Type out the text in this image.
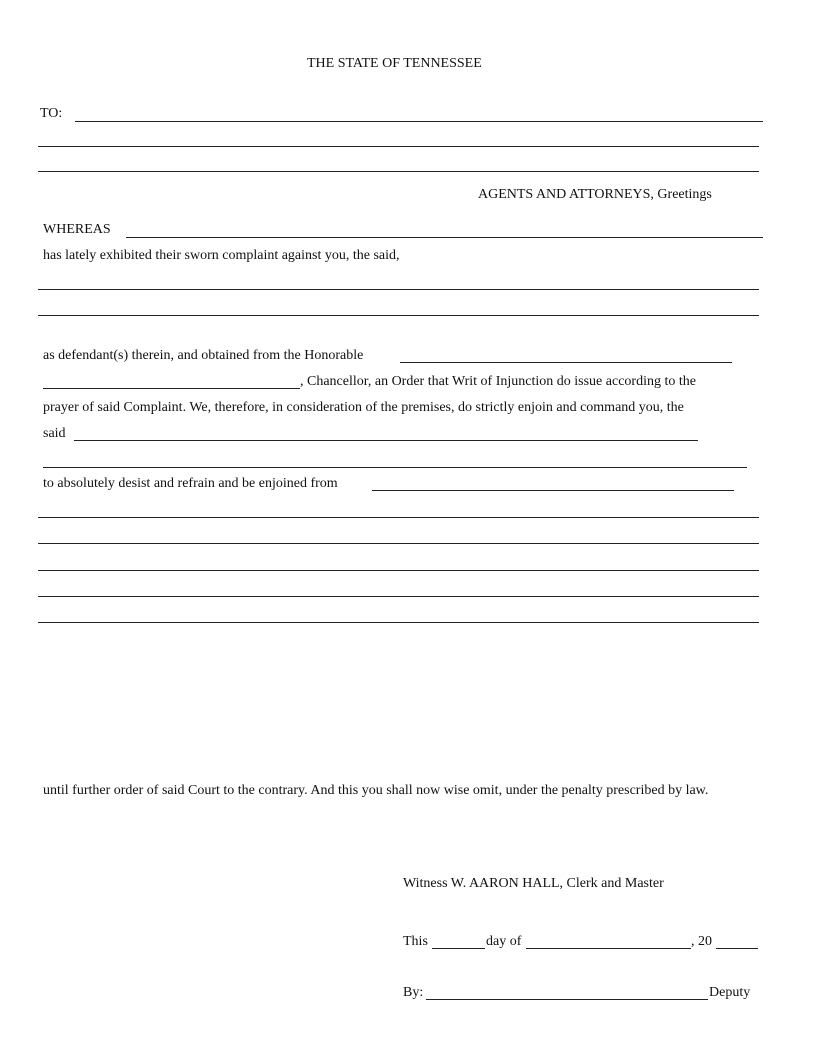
THE STATE OF TENNESSEE
TO:
AGENTS AND ATTORNEYS, Greetings
WHEREAS
has lately exhibited their sworn complaint against you, the said,
as defendant(s) therein, and obtained from the Honorable
, Chancellor, an Order that Writ of Injunction do issue according to the
prayer of said Complaint. We, therefore, in consideration of the premises, do strictly enjoin and command you, the
said
to absolutely desist and refrain and be enjoined from
until further order of said Court to the contrary. And this you shall now wise omit, under the penalty prescribed by law.
Witness W. AARON HALL, Clerk and Master
This	day of	, 20
By:	Deputy
